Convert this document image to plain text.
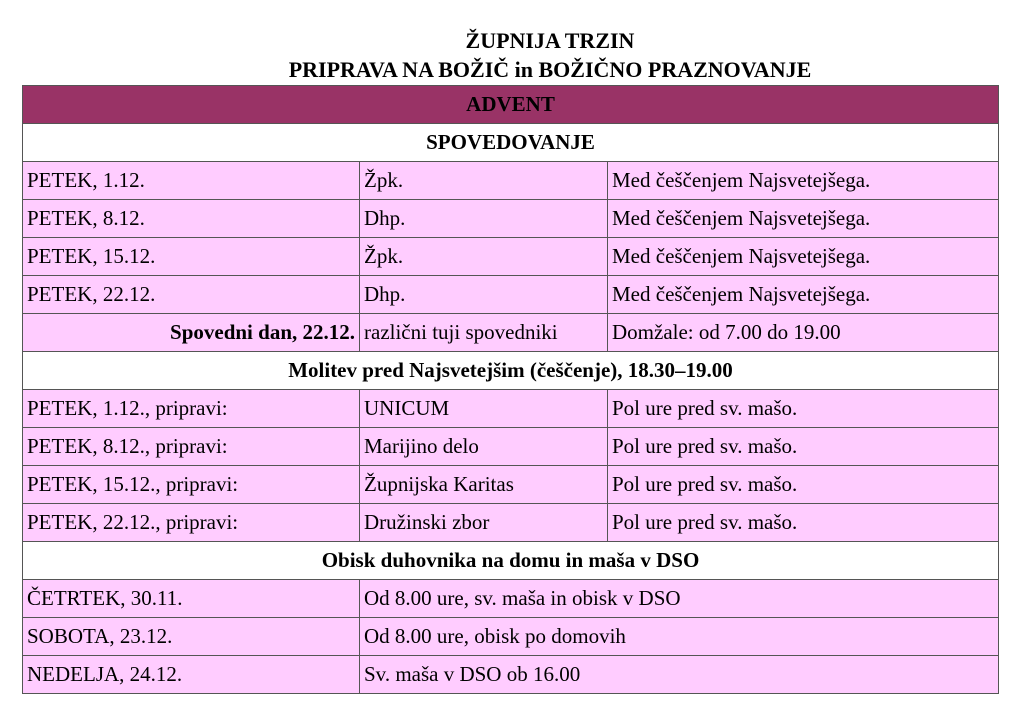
ŽUPNIJA TRZIN
PRIPRAVA NA BOŽIČ in BOŽIČNO PRAZNOVANJE
ADVENT		
SPOVEDOVANJE		
PETEK, 1.12.	Žpk.	Med češčenjem Najsvetejšega.
PETEK, 8.12.	Dhp.	Med češčenjem Najsvetejšega.
PETEK, 15.12.	Žpk.	Med češčenjem Najsvetejšega.
PETEK, 22.12.	Dhp.	Med češčenjem Najsvetejšega.
Spovedni dan, 22.12.	različni tuji spovedniki	Domžale: od 7.00 do 19.00
Molitev pred Najsvetejšim (češčenje), 18.30–19.00		
PETEK, 1.12., pripravi:	UNICUM	Pol ure pred sv. mašo.
PETEK, 8.12., pripravi:	Marijino delo	Pol ure pred sv. mašo.
PETEK, 15.12., pripravi:	Župnijska Karitas	Pol ure pred sv. mašo.
PETEK, 22.12., pripravi:	Družinski zbor	Pol ure pred sv. mašo.
Obisk duhovnika na domu in maša v DSO		
ČETRTEK, 30.11.	Od 8.00 ure, sv. maša in obisk v DSO	
SOBOTA, 23.12.	Od 8.00 ure, obisk po domovih	
NEDELJA, 24.12.	Sv. maša v DSO ob 16.00	
